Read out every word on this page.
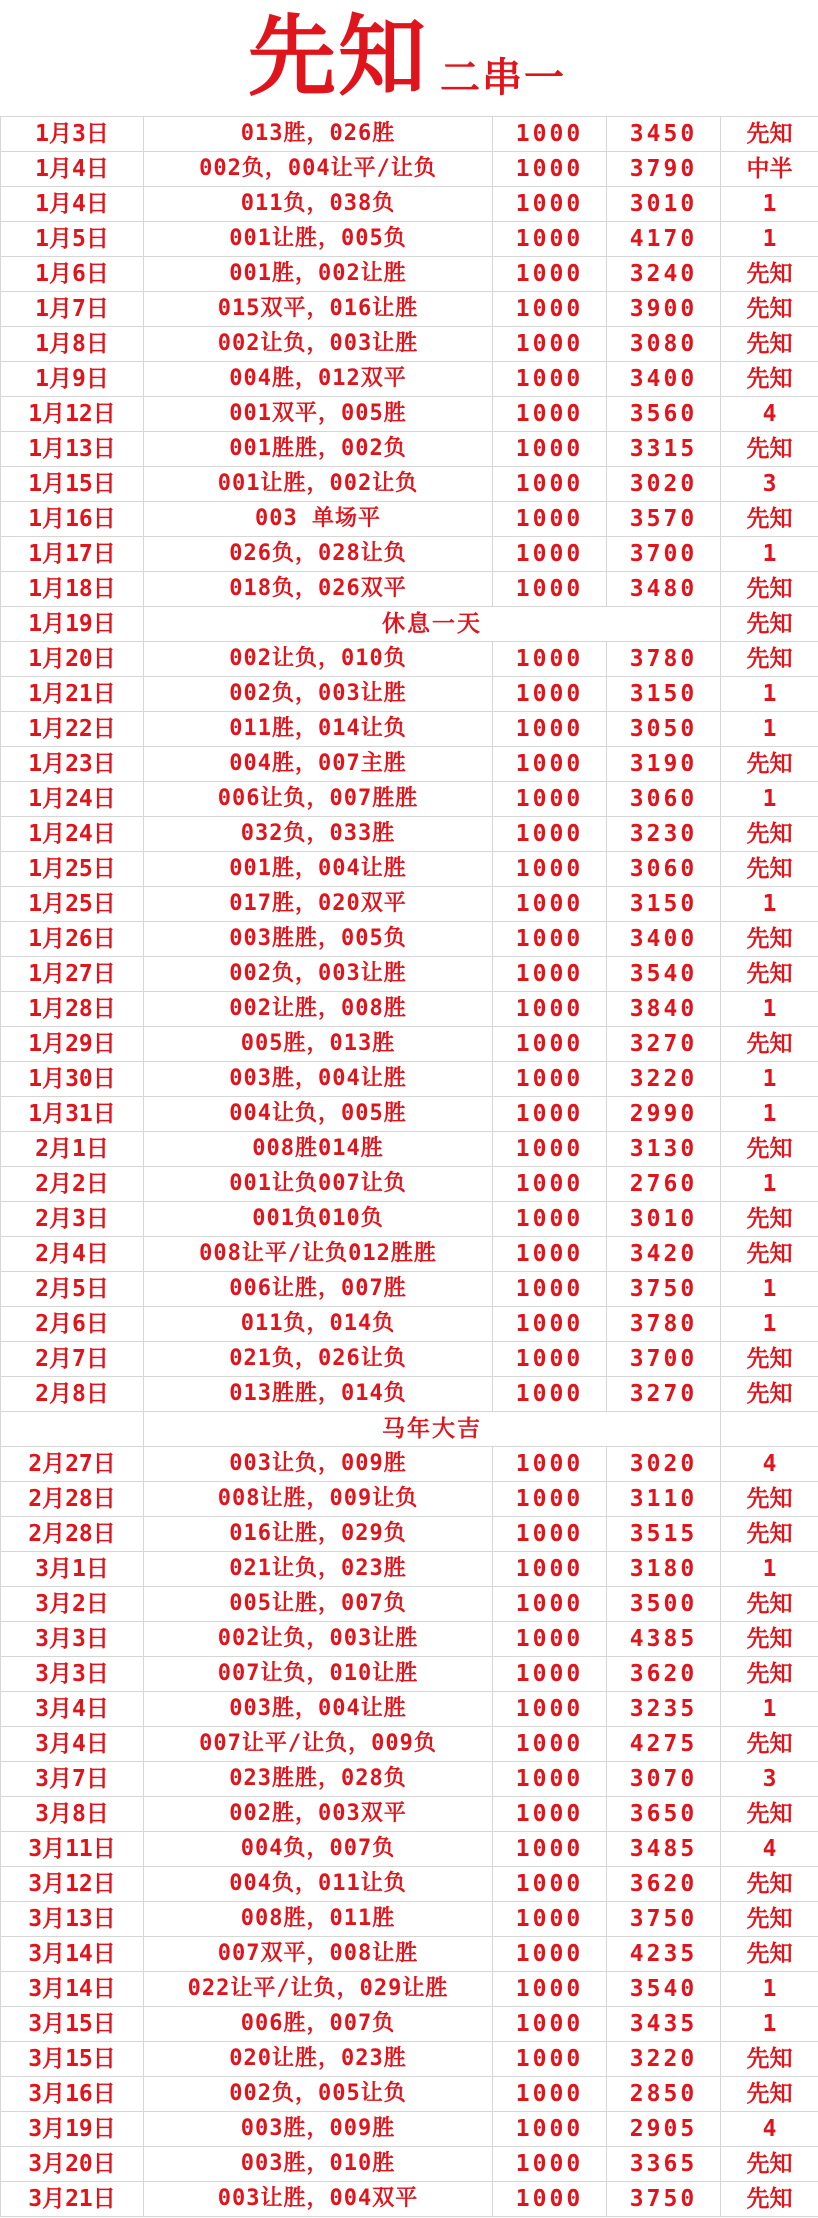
先知 二串一
1月3日	013胜，026胜	1000	3450	先知
1月4日	002负，004让平/让负	1000	3790	中半
1月4日	011负，038负	1000	3010	1
1月5日	001让胜，005负	1000	4170	1
1月6日	001胜，002让胜	1000	3240	先知
1月7日	015双平，016让胜	1000	3900	先知
1月8日	002让负，003让胜	1000	3080	先知
1月9日	004胜，012双平	1000	3400	先知
1月12日	001双平，005胜	1000	3560	4
1月13日	001胜胜，002负	1000	3315	先知
1月15日	001让胜，002让负	1000	3020	3
1月16日	003 单场平	1000	3570	先知
1月17日	026负，028让负	1000	3700	1
1月18日	018负，026双平	1000	3480	先知
1月19日	休息一天			先知
1月20日	002让负，010负	1000	3780	先知
1月21日	002负，003让胜	1000	3150	1
1月22日	011胜，014让负	1000	3050	1
1月23日	004胜，007主胜	1000	3190	先知
1月24日	006让负，007胜胜	1000	3060	1
1月24日	032负，033胜	1000	3230	先知
1月25日	001胜，004让胜	1000	3060	先知
1月25日	017胜，020双平	1000	3150	1
1月26日	003胜胜，005负	1000	3400	先知
1月27日	002负，003让胜	1000	3540	先知
1月28日	002让胜，008胜	1000	3840	1
1月29日	005胜，013胜	1000	3270	先知
1月30日	003胜，004让胜	1000	3220	1
1月31日	004让负，005胜	1000	2990	1
2月1日	008胜014胜	1000	3130	先知
2月2日	001让负007让负	1000	2760	1
2月3日	001负010负	1000	3010	先知
2月4日	008让平/让负012胜胜	1000	3420	先知
2月5日	006让胜，007胜	1000	3750	1
2月6日	011负，014负	1000	3780	1
2月7日	021负，026让负	1000	3700	先知
2月8日	013胜胜，014负	1000	3270	先知
	马年大吉			
2月27日	003让负，009胜	1000	3020	4
2月28日	008让胜，009让负	1000	3110	先知
2月28日	016让胜，029负	1000	3515	先知
3月1日	021让负，023胜	1000	3180	1
3月2日	005让胜，007负	1000	3500	先知
3月3日	002让负，003让胜	1000	4385	先知
3月3日	007让负，010让胜	1000	3620	先知
3月4日	003胜，004让胜	1000	3235	1
3月4日	007让平/让负，009负	1000	4275	先知
3月7日	023胜胜，028负	1000	3070	3
3月8日	002胜，003双平	1000	3650	先知
3月11日	004负，007负	1000	3485	4
3月12日	004负，011让负	1000	3620	先知
3月13日	008胜，011胜	1000	3750	先知
3月14日	007双平，008让胜	1000	4235	先知
3月14日	022让平/让负，029让胜	1000	3540	1
3月15日	006胜，007负	1000	3435	1
3月15日	020让胜，023胜	1000	3220	先知
3月16日	002负，005让负	1000	2850	先知
3月19日	003胜，009胜	1000	2905	4
3月20日	003胜，010胜	1000	3365	先知
3月21日	003让胜，004双平	1000	3750	先知
